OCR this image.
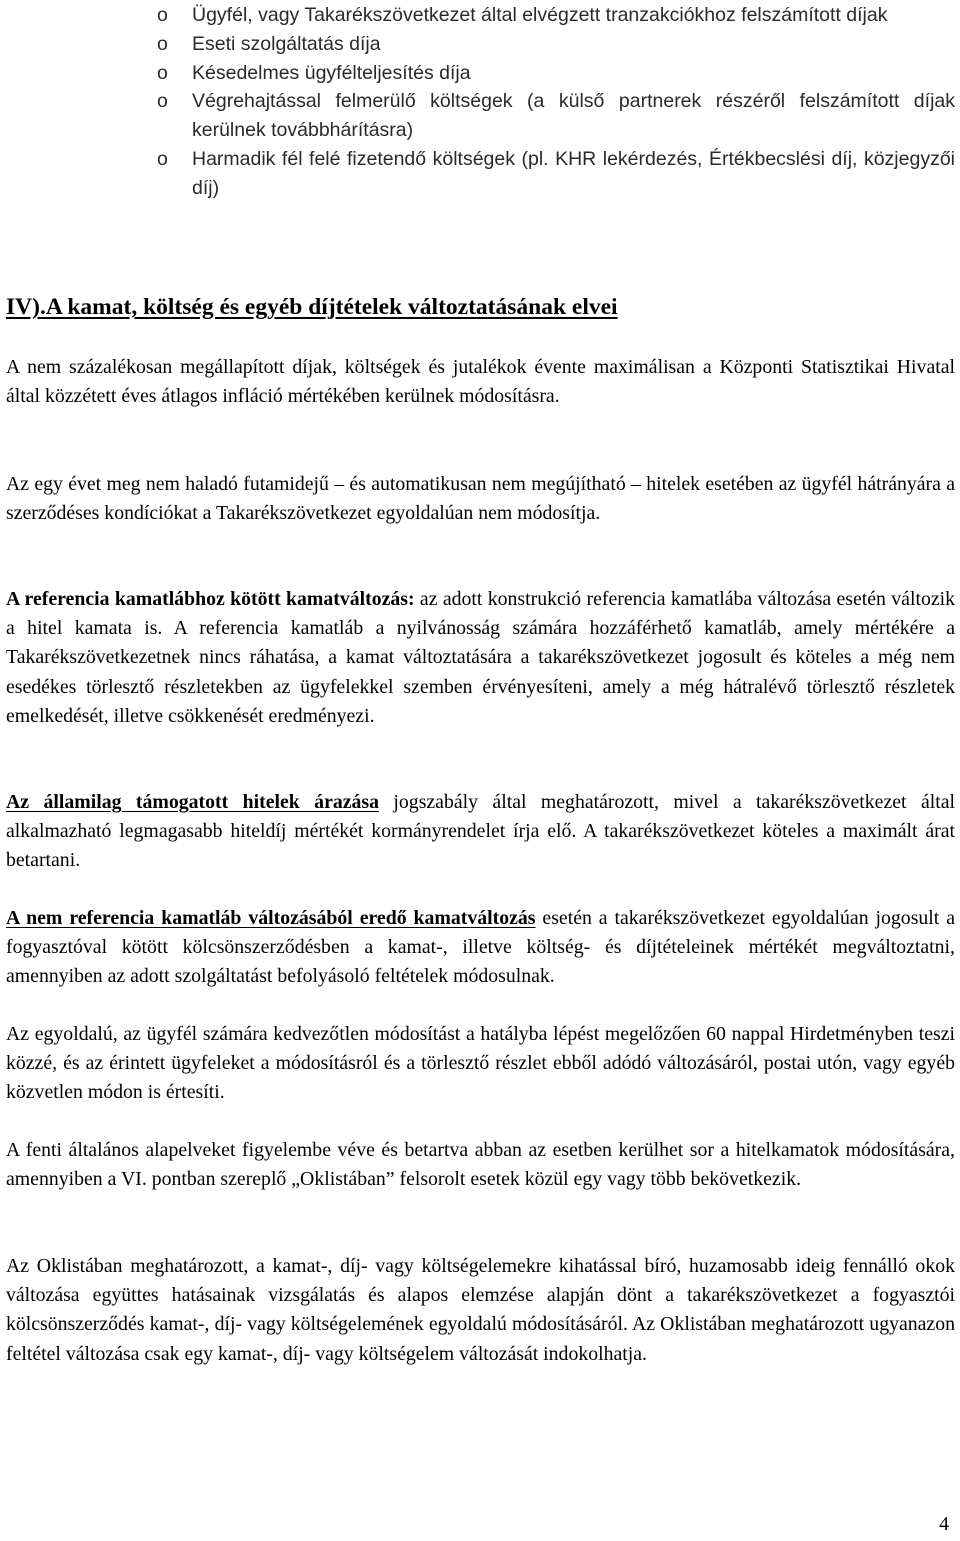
o Ügyfél, vagy Takarékszövetkezet által elvégzett tranzakciókhoz felszámított díjak
o Eseti szolgáltatás díja
o Késedelmes ügyfélteljesítés díja
o Végrehajtással felmerülő költségek (a külső partnerek részéről felszámított díjak kerülnek továbbhárításra)
o Harmadik fél felé fizetendő költségek (pl. KHR lekérdezés, Értékbecslési díj, közjegyzői díj)
IV).A kamat, költség és egyéb díjtételek változtatásának elvei

A nem százalékosan megállapított díjak, költségek és jutalékok évente maximálisan a Központi Statisztikai Hivatal által közzétett éves átlagos infláció mértékében kerülnek módosításra.

Az egy évet meg nem haladó futamidejű – és automatikusan nem megújítható – hitelek esetében az ügyfél hátrányára a szerződéses kondíciókat a Takarékszövetkezet egyoldalúan nem módosítja.

A referencia kamatlábhoz kötött kamatváltozás: az adott konstrukció referencia kamatlába változása esetén változik a hitel kamata is. A referencia kamatláb a nyilvánosság számára hozzáférhető kamatláb, amely mértékére a Takarékszövetkezetnek nincs ráhatása, a kamat változtatására a takarékszövetkezet jogosult és köteles a még nem esedékes törlesztő részletekben az ügyfelekkel szemben érvényesíteni, amely a még hátralévő törlesztő részletek emelkedését, illetve csökkenését eredményezi.

Az államilag támogatott hitelek árazása jogszabály által meghatározott, mivel a takarékszövetkezet által alkalmazható legmagasabb hiteldíj mértékét kormányrendelet írja elő. A takarékszövetkezet köteles a maximált árat betartani.

A nem referencia kamatláb változásából eredő kamatváltozás esetén a takarékszövetkezet egyoldalúan jogosult a fogyasztóval kötött kölcsönszerződésben a kamat-, illetve költség- és díjtételeinek mértékét megváltoztatni, amennyiben az adott szolgáltatást befolyásoló feltételek módosulnak.

Az egyoldalú, az ügyfél számára kedvezőtlen módosítást a hatályba lépést megelőzően 60 nappal Hirdetményben teszi közzé, és az érintett ügyfeleket a módosításról és a törlesztő részlet ebből adódó változásáról, postai utón, vagy egyéb közvetlen módon is értesíti.

A fenti általános alapelveket figyelembe véve és betartva abban az esetben kerülhet sor a hitelkamatok módosítására, amennyiben a VI. pontban szereplő „Oklistában” felsorolt esetek közül egy vagy több bekövetkezik.

Az Oklistában meghatározott, a kamat-, díj- vagy költségelemekre kihatással bíró, huzamosabb ideig fennálló okok változása együttes hatásainak vizsgálatás és alapos elemzése alapján dönt a takarékszövetkezet a fogyasztói kölcsönszerződés kamat-, díj- vagy költségelemének egyoldalú módosításáról. Az Oklistában meghatározott ugyanazon feltétel változása csak egy kamat-, díj- vagy költségelem változását indokolhatja.

4
